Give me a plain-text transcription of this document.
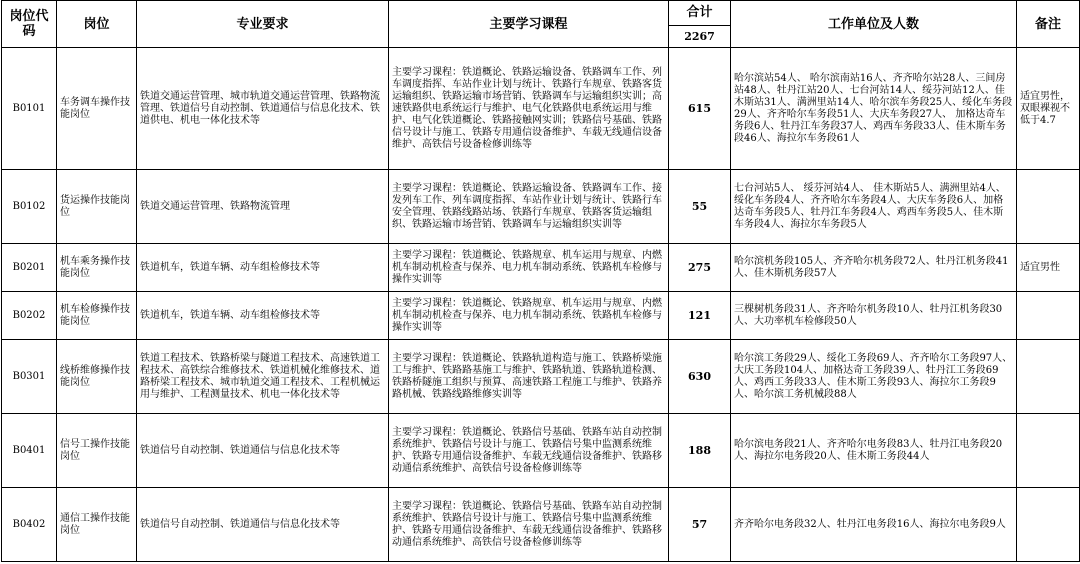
岗位代码	岗位	专业要求	主要学习课程	合计	工作单位及人数	备注
				2267		
B0101	车务调车操作技能岗位	铁道交通运营管理、城市轨道交通运营管理、铁路物流管理、铁道信号自动控制、铁道通信与信息化技术、铁道供电、机电一体化技术等	主要学习课程：铁道概论、铁路运输设备、铁路调车工作、列车调度指挥、车站作业计划与统计、铁路行车规章、铁路客货运输组织、铁路运输市场营销、铁路调车与运输组织实训；高速铁路供电系统运行与维护、电气化铁路供电系统运用与维护、电气化铁道概论、铁路接触网实训；铁路信号基础、铁路信号设计与施工、铁路专用通信设备维护、车载无线通信设备维护、高铁信号设备检修训练等	615	哈尔滨站54人、 哈尔滨南站16人、齐齐哈尔站28人、三间房站48人、牡丹江站20人、七台河站14人、绥芬河站12人、佳木斯站31人、满洲里站14人、哈尔滨车务段25人、绥化车务段29人、齐齐哈尔车务段51人、大庆车务段27人、 加格达奇车务段6人、牡丹江车务段37人、鸡西车务段33人、佳木斯车务段46人、海拉尔车务段61人	适宜男性，双眼裸视不低于4.7
B0102	货运操作技能岗位	铁道交通运营管理、铁路物流管理	主要学习课程：铁道概论、铁路运输设备、铁路调车工作、接发列车工作、列车调度指挥、车站作业计划与统计、铁路行车安全管理、铁路线路站场、铁路行车规章、铁路客货运输组织、铁路运输市场营销、铁路调车与运输组织实训等	55	七台河站5人、 绥芬河站4人、 佳木斯站5人、满洲里站4人、绥化车务段4人、齐齐哈尔车务段4人、大庆车务段6人、加格达奇车务段5人、牡丹江车务段4人、鸡西车务段5人、佳木斯车务段4人、海拉尔车务段5人	
B0201	机车乘务操作技能岗位	铁道机车，铁道车辆、动车组检修技术等	主要学习课程：铁道概论、铁路规章、机车运用与规章、内燃机车制动机检查与保养、电力机车制动系统、铁路机车检修与操作实训等	275	哈尔滨机务段105人、齐齐哈尔机务段72人、牡丹江机务段41人、佳木斯机务段57人	适宜男性
B0202	机车检修操作技能岗位	铁道机车，铁道车辆、动车组检修技术等	主要学习课程：铁道概论、铁路规章、机车运用与规章、内燃机车制动机检查与保养、电力机车制动系统、铁路机车检修与操作实训等	121	三棵树机务段31人、齐齐哈尔机务段10人、牡丹江机务段30人、大功率机车检修段50人	
B0301	线桥维修操作技能岗位	铁道工程技术、铁路桥梁与隧道工程技术、高速铁道工程技术、高铁综合维修技术、铁道机械化维修技术、道路桥梁工程技术、城市轨道交通工程技术、工程机械运用与维护、工程测量技术、机电一体化技术等	主要学习课程：铁道概论、铁路轨道构造与施工、铁路桥梁施工与维护、铁路路基施工与维护、铁路轨道、铁路轨道检测、铁路桥隧施工组织与预算、高速铁路工程施工与维护、铁路养路机械、铁路线路维修实训等	630	哈尔滨工务段29人、绥化工务段69人、齐齐哈尔工务段97人、大庆工务段104人、加格达奇工务段39人、牡丹江工务段69人、鸡西工务段33人、佳木斯工务段93人、海拉尔工务段9人、哈尔滨工务机械段88人	
B0401	信号工操作技能岗位	铁道信号自动控制、铁道通信与信息化技术等	主要学习课程：铁道概论、铁路信号基础、铁路车站自动控制系统维护、铁路信号设计与施工、铁路信号集中监测系统维护、铁路专用通信设备维护、车载无线通信设备维护、铁路移动通信系统维护、高铁信号设备检修训练等	188	哈尔滨电务段21人、齐齐哈尔电务段83人、牡丹江电务段20人、海拉尔电务段20人、佳木斯工务段44人	
B0402	通信工操作技能岗位	铁道信号自动控制、铁道通信与信息化技术等	主要学习课程：铁道概论、铁路信号基础、铁路车站自动控制系统维护、铁路信号设计与施工、铁路信号集中监测系统维护、铁路专用通信设备维护、车载无线通信设备维护、铁路移动通信系统维护、高铁信号设备检修训练等	57	齐齐哈尔电务段32人、牡丹江电务段16人、海拉尔电务段9人	
